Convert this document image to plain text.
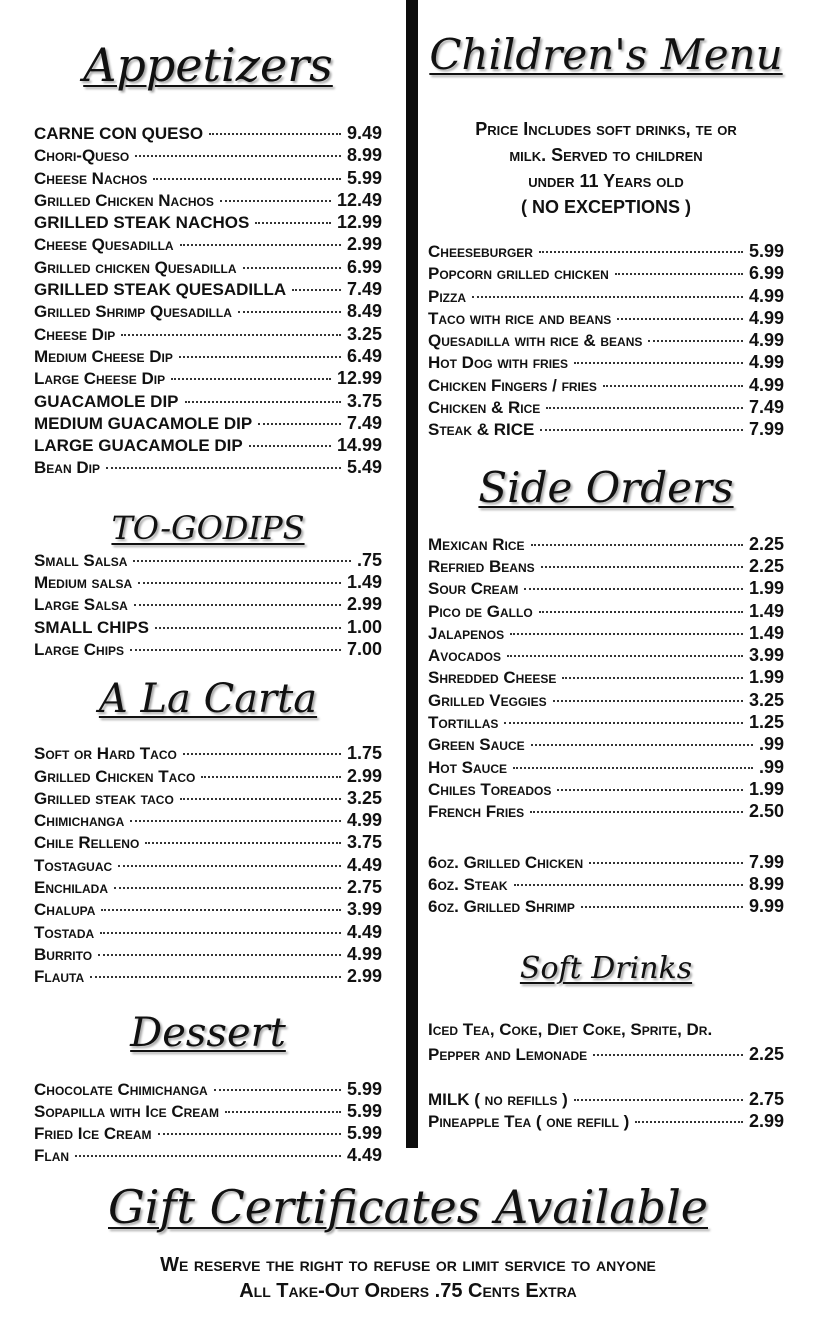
Appetizers
CARNE CON QUESO	9.49
Chori-Queso	8.99
Cheese Nachos	5.99
Grilled Chicken Nachos	12.49
GRILLED STEAK NACHOS	12.99
Cheese Quesadilla	2.99
Grilled chicken Quesadilla	6.99
GRILLED STEAK QUESADILLA	7.49
Grilled Shrimp Quesadilla	8.49
Cheese Dip	3.25
Medium Cheese Dip	6.49
Large Cheese Dip	12.99
GUACAMOLE DIP	3.75
MEDIUM GUACAMOLE DIP	7.49
LARGE GUACAMOLE DIP	14.99
Bean Dip	5.49
TO-GODIPS
Small Salsa	.75
Medium salsa	1.49
Large Salsa	2.99
SMALL CHIPS	1.00
Large Chips	7.00
A La Carta
Soft or Hard Taco	1.75
Grilled Chicken Taco	2.99
Grilled steak taco	3.25
Chimichanga	4.99
Chile Relleno	3.75
Tostaguac	4.49
Enchilada	2.75
Chalupa	3.99
Tostada	4.49
Burrito	4.99
Flauta	2.99
Dessert
Chocolate Chimichanga	5.99
Sopapilla with Ice Cream	5.99
Fried Ice Cream	5.99
Flan	4.49
Children's Menu

Price Includes soft drinks, te or

milk. Served to children

under 11 Years old

( NO EXCEPTIONS )

Cheeseburger	5.99
Popcorn grilled chicken	6.99
Pizza	4.99
Taco with rice and beans	4.99
Quesadilla with rice & beans	4.99
Hot Dog with fries	4.99
Chicken Fingers / fries	4.99
Chicken & Rice	7.49
Steak & RICE	7.99
Side Orders
Mexican Rice	2.25
Refried Beans	2.25
Sour Cream	1.99
Pico de Gallo	1.49
Jalapenos	1.49
Avocados	3.99
Shredded Cheese	1.99
Grilled Veggies	3.25
Tortillas	1.25
Green Sauce	.99
Hot Sauce	.99
Chiles Toreados	1.99
French Fries	2.50
6oz. Grilled Chicken	7.99
6oz. Steak	8.99
6oz. Grilled Shrimp	9.99
Soft Drinks

Iced Tea, Coke, Diet Coke, Sprite, Dr.

Pepper and Lemonade	2.25
MILK ( no refills )	2.75
Pineapple Tea ( one refill )	2.99
Gift Certificates Available
We reserve the right to refuse or limit service to anyone
All Take-Out Orders .75 Cents Extra
